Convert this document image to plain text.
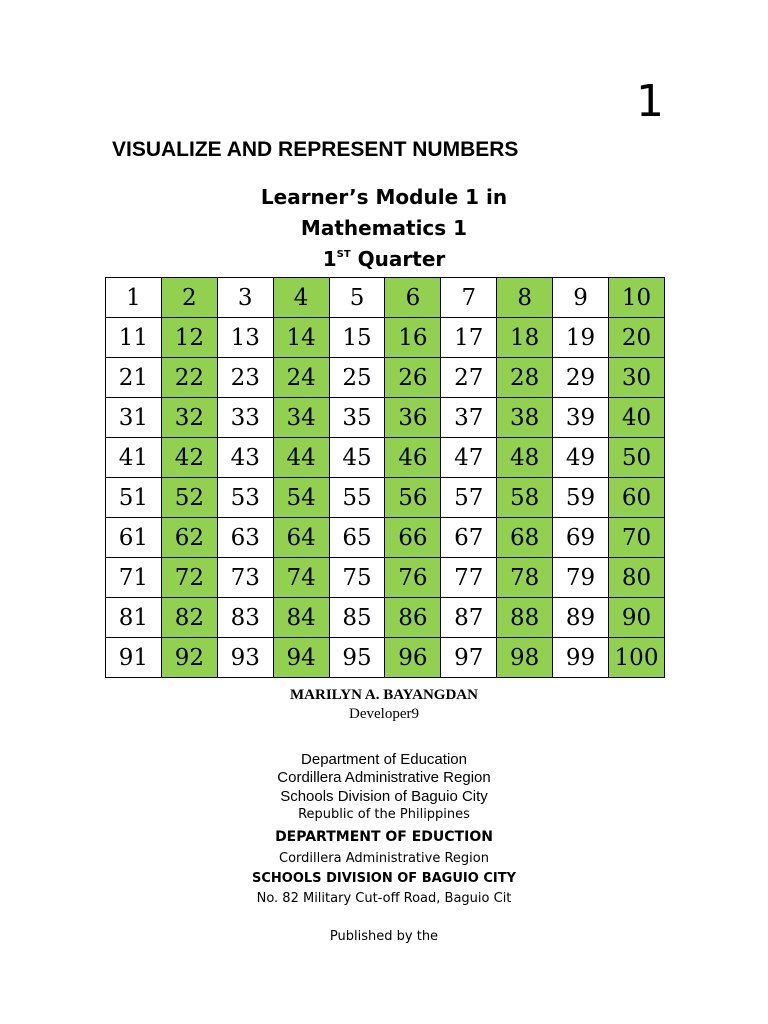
1
VISUALIZE AND REPRESENT NUMBERS
Learner’s Module 1 in
Mathematics 1
1ST Quarter
1	2	3	4	5	6	7	8	9	10
11	12	13	14	15	16	17	18	19	20
21	22	23	24	25	26	27	28	29	30
31	32	33	34	35	36	37	38	39	40
41	42	43	44	45	46	47	48	49	50
51	52	53	54	55	56	57	58	59	60
61	62	63	64	65	66	67	68	69	70
71	72	73	74	75	76	77	78	79	80
81	82	83	84	85	86	87	88	89	90
91	92	93	94	95	96	97	98	99	100
MARILYN A. BAYANGDAN
Developer9
Department of Education
Cordillera Administrative Region
Schools Division of Baguio City
Republic of the Philippines
DEPARTMENT OF EDUCTION
Cordillera Administrative Region
SCHOOLS DIVISION OF BAGUIO CITY
No. 82 Military Cut-off Road, Baguio Cit
Published by the
